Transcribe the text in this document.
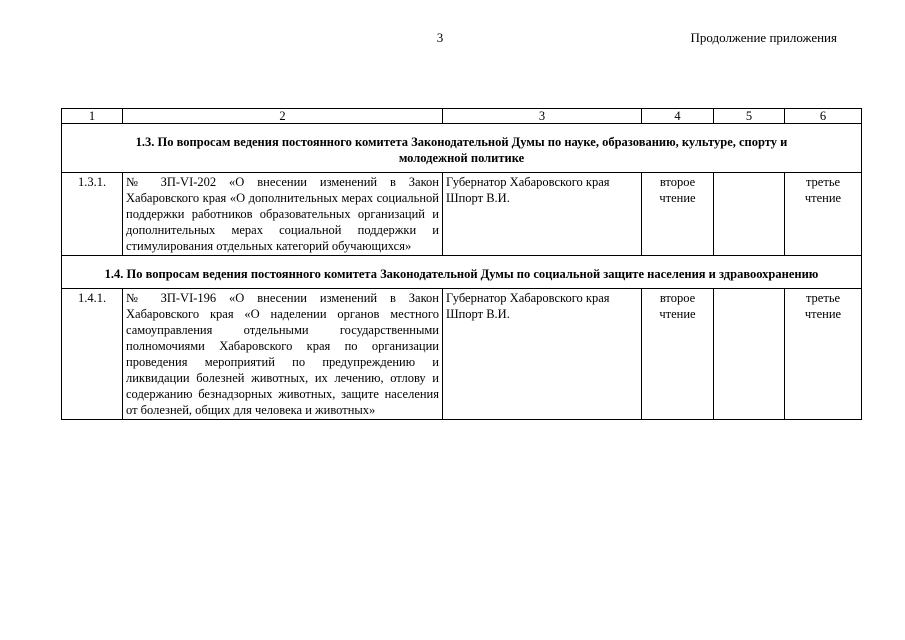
3	Продолжение приложения
1	2	3	4	5	6
1.3. По вопросам ведения постоянного комитета Законодательной Думы по науке, образованию, культуре, спорту и молодежной политике					
1.3.1.	№ ЗП-VI-202 «О внесении изменений в Закон Хабаровского края «О дополнительных мерах социальной поддержки работников образовательных организаций и дополнительных мерах социальной поддержки и стимулирования отдельных категорий обучающихся»	Губернатор Хабаровского края Шпорт В.И.	второе чтение		третье чтение
1.4. По вопросам ведения постоянного комитета Законодательной Думы по социальной защите населения и здравоохранению					
1.4.1.	№ ЗП-VI-196 «О внесении изменений в Закон Хабаровского края «О наделении органов местного самоуправления отдельными государственными полномочиями Хабаровского края по организации проведения мероприятий по предупреждению и ликвидации болезней животных, их лечению, отлову и содержанию безнадзорных животных, защите населения от болезней, общих для человека и животных»	Губернатор Хабаровского края Шпорт В.И.	второе чтение		третье чтение
